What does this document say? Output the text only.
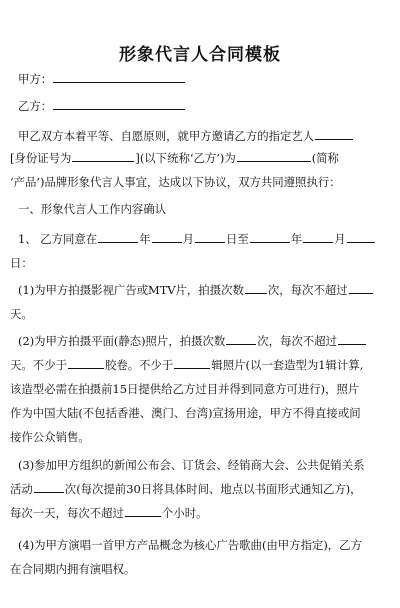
形象代言人合同模板
甲方：
乙方：
甲乙双方本着平等、自愿原则，就甲方邀请乙方的指定艺人
[身份证号为	](以下统称‘乙方’)为	(简称
‘产品’)品牌形象代言人事宜，达成以下协议，双方共同遵照执行：
一、形象代言人工作内容确认
1、 乙方同意在	年	月	日至	年	月
日：
(1)为甲方拍摄影视广告或MTV片，拍摄次数 次，每次不超过
天。
(2)为甲方拍摄平面(静态)照片，拍摄次数	次，每次不超过
天。不少于	胶卷。不少于	辑照片(以一套造型为1辑计算,
该造型必需在拍摄前15日提供给乙方过目并得到同意方可进行)，照片
作为中国大陆(不包括香港、澳门、台湾)宣扬用途，甲方不得直接或间
接作公众销售。
(3)参加甲方组织的新闻公布会、订货会、经销商大会、公共促销关系
活动	次(每次提前30日将具体时间、地点以书面形式通知乙方)，
每次一天，每次不超过	个小时。
(4)为甲方演唱一首甲方产品概念为核心广告歌曲(由甲方指定)，乙方
在合同期内拥有演唱权。
